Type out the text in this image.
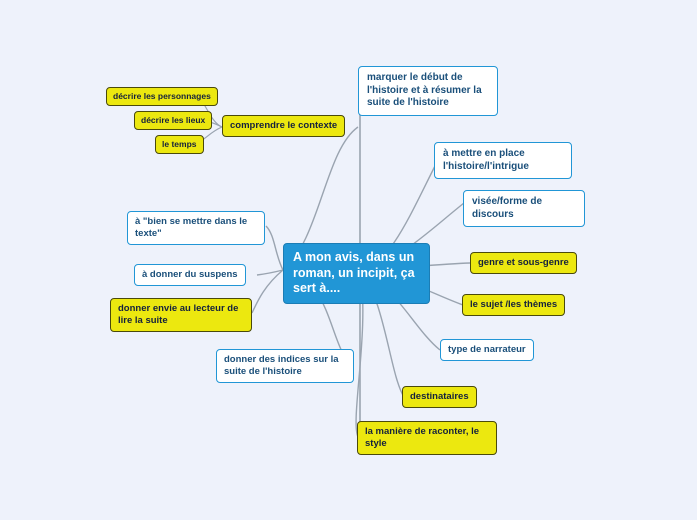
A mon avis, dans un roman, un incipit, ça sert à....
marquer le début de l'histoire et à résumer la suite de l'histoire
à mettre en place l'histoire/l'intrigue
visée/forme de discours
genre et sous-genre
le sujet /les thèmes
type de narrateur
destinataires
la manière de raconter, le style
donner des indices sur la suite de l'histoire
donner envie au lecteur de lire la suite
à donner du suspens
à "bien se mettre dans le texte"
comprendre le contexte
décrire les personnages
décrire les lieux
le temps
